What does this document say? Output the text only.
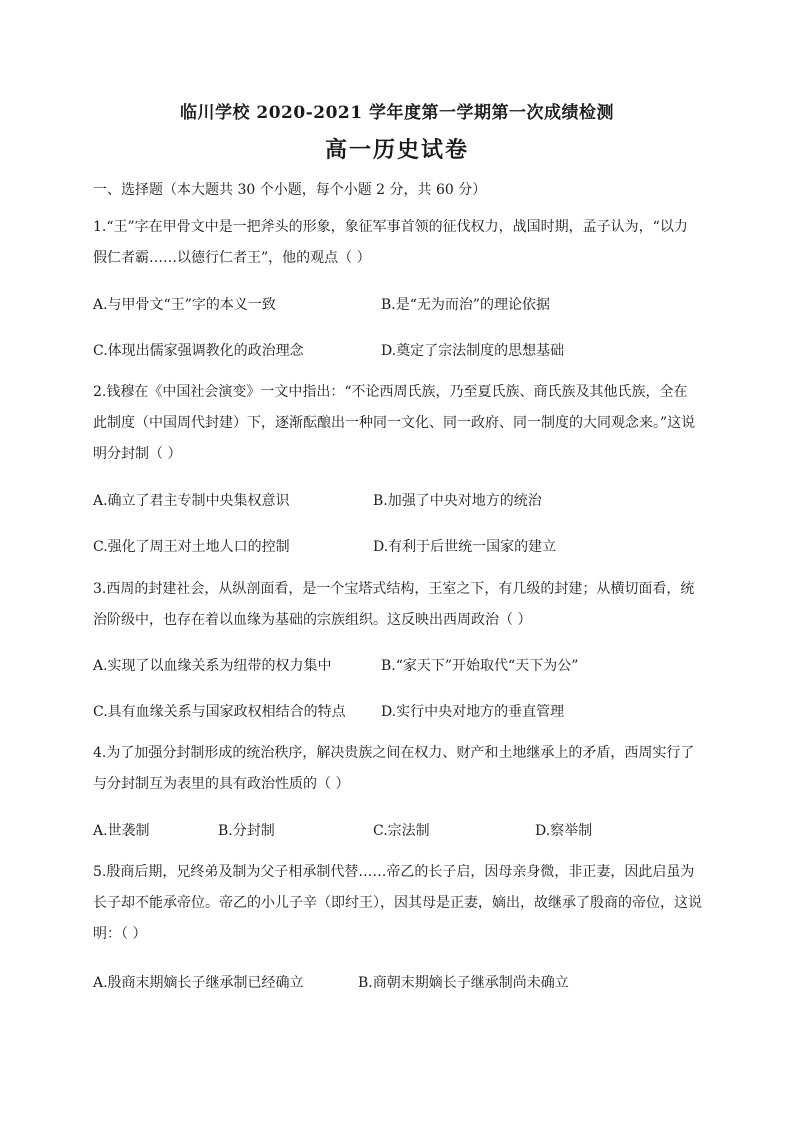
临川学校 2020-2021 学年度第一学期第一次成绩检测
高一历史试卷
一、选择题（本大题共 30 个小题，每个小题 2 分，共 60 分）
1.“王”字在甲骨文中是一把斧头的形象，象征军事首领的征伐权力，战国时期，孟子认为，“以力
假仁者霸……以德行仁者王”，他的观点（ ）
A.与甲骨文“王”字的本义一致	B.是“无为而治”的理论依据
C.体现出儒家强调教化的政治理念	D.奠定了宗法制度的思想基础
2.钱穆在《中国社会演变》一文中指出：“不论西周氏族，乃至夏氏族、商氏族及其他氏族，全在
此制度（中国周代封建）下，逐渐酝酿出一种同一文化、同一政府、同一制度的大同观念来。”这说
明分封制（ ）
A.确立了君主专制中央集权意识	B.加强了中央对地方的统治
C.强化了周王对土地人口的控制	D.有利于后世统一国家的建立
3.西周的封建社会，从纵剖面看，是一个宝塔式结构，王室之下，有几级的封建；从横切面看，统
治阶级中，也存在着以血缘为基础的宗族组织。这反映出西周政治（ ）
A.实现了以血缘关系为纽带的权力集中	B.“家天下”开始取代“天下为公”
C.具有血缘关系与国家政权相结合的特点	D.实行中央对地方的垂直管理
4.为了加强分封制形成的统治秩序，解决贵族之间在权力、财产和土地继承上的矛盾，西周实行了
与分封制互为表里的具有政治性质的（ ）
A.世袭制	B.分封制	C.宗法制	D.察举制
5.殷商后期，兄终弟及制为父子相承制代替……帝乙的长子启，因母亲身微，非正妻，因此启虽为
长子却不能承帝位。帝乙的小儿子辛（即纣王），因其母是正妻，嫡出，故继承了殷商的帝位，这说
明：（ ）
A.殷商末期嫡长子继承制已经确立	B.商朝末期嫡长子继承制尚未确立
